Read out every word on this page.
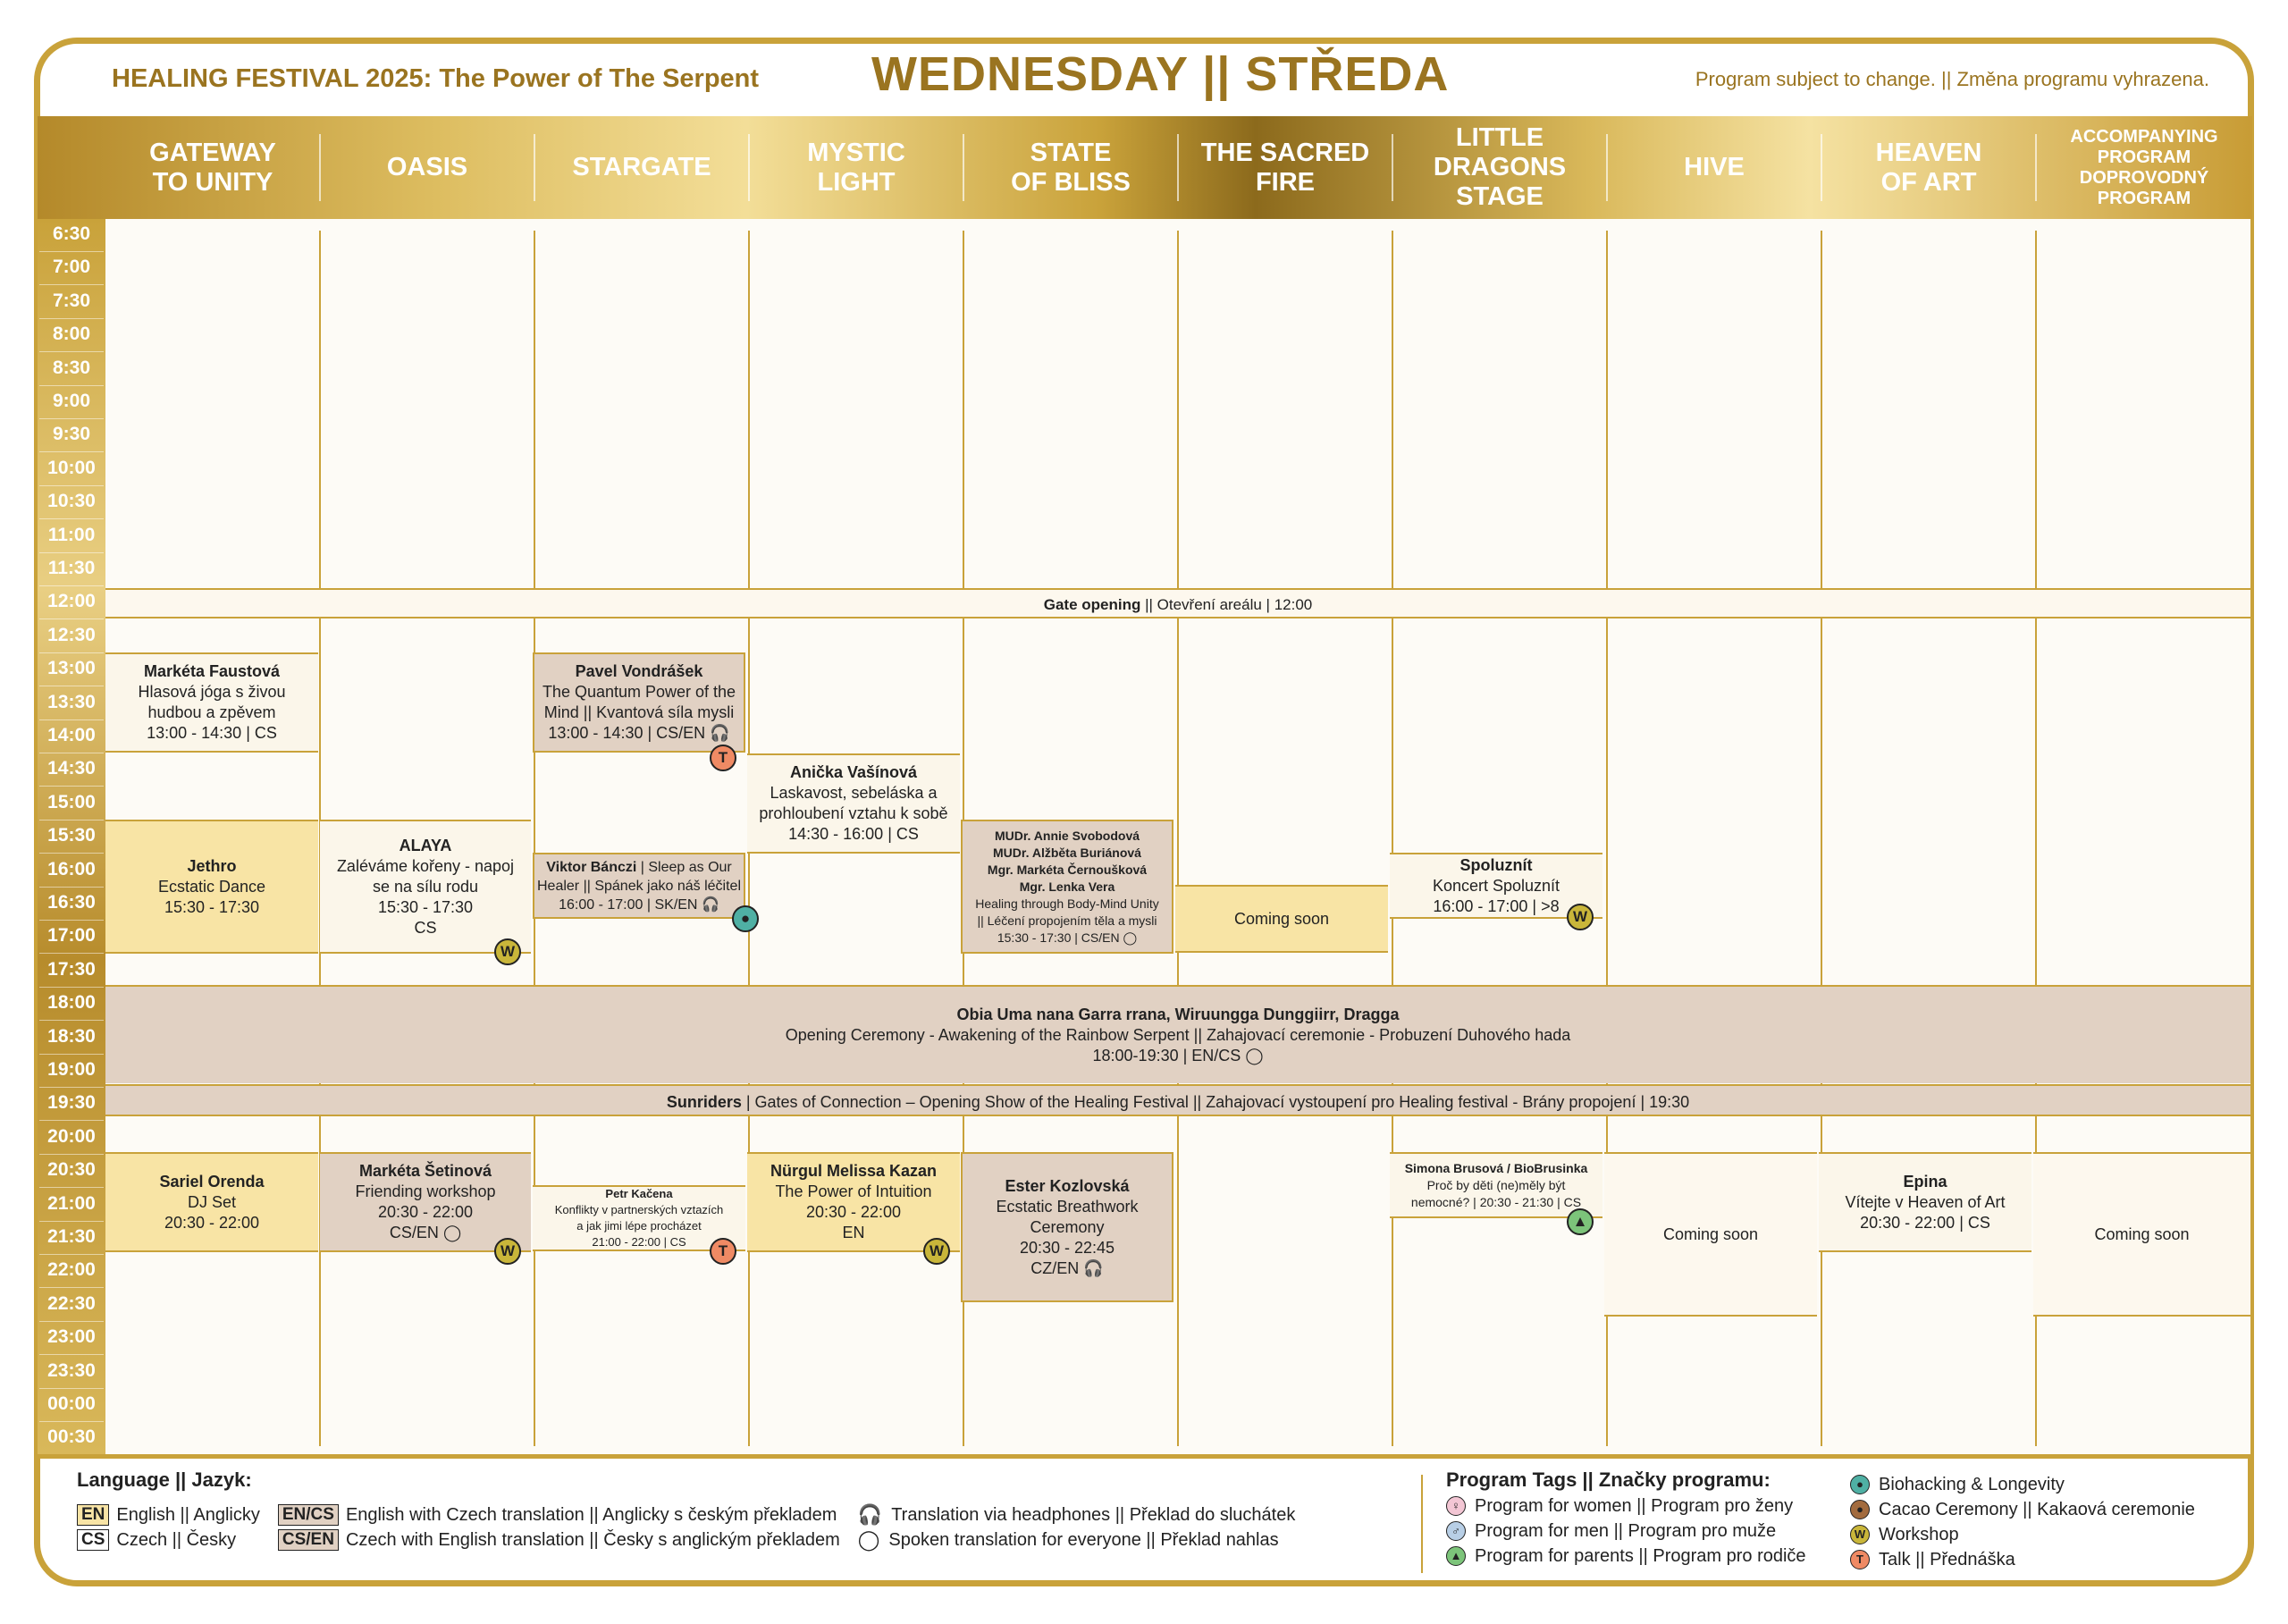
HEALING FESTIVAL 2025: The Power of The Serpent WEDNESDAY || STŘEDA	Program subject to change. || Změna programu vyhrazena.
GATEWAY
TO UNITY
OASIS	STARGATE
MYSTIC
LIGHT
STATE
OF BLISS
THE SACRED
FIRE
LITTLE
DRAGONS
STAGE
HIVE
HEAVEN
OF ART
ACCOMPANYING
PROGRAM
DOPROVODNÝ
PROGRAM
6:30
7:00
7:30
8:00
8:30
9:00
9:30
10:00
10:30
11:00
11:30
12:00
12:30
13:00
13:30
14:00
14:30
15:00
15:30
16:00
16:30
17:00
17:30
18:00
18:30
19:00
19:30
20:00
20:30
21:00
21:30
22:00
22:30
23:00
23:30
00:00
00:30
Gate opening || Otevření areálu | 12:00
Markéta Faustová
Hlasová jóga s živou
hudbou a zpěvem
13:00 - 14:30 | CS
Pavel Vondrášek
The Quantum Power of the
Mind || Kvantová síla mysli
13:00 - 14:30 | CS/EN 🎧
T
Anička Vašínová
Laskavost, sebeláska a
prohloubení vztahu k sobě
14:30 - 16:00 | CS
Jethro
Ecstatic Dance
15:30 - 17:30
ALAYA
Zaléváme kořeny - napoj
se na sílu rodu
15:30 - 17:30
CS
W
Viktor Bánczi | Sleep as Our
Healer || Spánek jako náš léčitel
16:00 - 17:00 | SK/EN 🎧
●
MUDr. Annie Svobodová
MUDr. Alžběta Buriánová
Mgr. Markéta Černoušková
Mgr. Lenka Vera
Healing through Body-Mind Unity
|| Léčení propojením těla a mysli
15:30 - 17:30 | CS/EN ◯
Coming soon
Spoluznít
Koncert Spoluznít
16:00 - 17:00 | >8
W
Obia Uma nana Garra rrana, Wiruungga Dunggiirr, Dragga
Opening Ceremony - Awakening of the Rainbow Serpent || Zahajovací ceremonie - Probuzení Duhového hada
18:00-19:30 | EN/CS ◯
Sunriders | Gates of Connection – Opening Show of the Healing Festival || Zahajovací vystoupení pro Healing festival - Brány propojení | 19:30
Sariel Orenda
DJ Set
20:30 - 22:00
Markéta Šetinová
Friending workshop
20:30 - 22:00
CS/EN ◯
W
Petr Kačena
Konflikty v partnerských vztazích
a jak jimi lépe procházet
21:00 - 22:00 | CS
T
Nürgul Melissa Kazan
The Power of Intuition
20:30 - 22:00
EN
W
Ester Kozlovská
Ecstatic Breathwork
Ceremony
20:30 - 22:45
CZ/EN 🎧
Simona Brusová / BioBrusinka
Proč by děti (ne)měly být
nemocné? | 20:30 - 21:30 | CS
▲
Coming soon
Epina
Vítejte v Heaven of Art
20:30 - 22:00 | CS
Coming soon
Language || Jazyk:
EN English || Anglicky
CS Czech || Česky
EN/CS English with Czech translation || Anglicky s českým překladem
CS/EN Czech with English translation || Česky s anglickým překladem
🎧 Translation via headphones || Překlad do sluchátek
◯ Spoken translation for everyone || Překlad nahlas
Program Tags || Značky programu:
♀ Program for women || Program pro ženy
♂ Program for men || Program pro muže
▲ Program for parents || Program pro rodiče
● Biohacking & Longevity
● Cacao Ceremony || Kakaová ceremonie
W Workshop
T Talk || Přednáška
